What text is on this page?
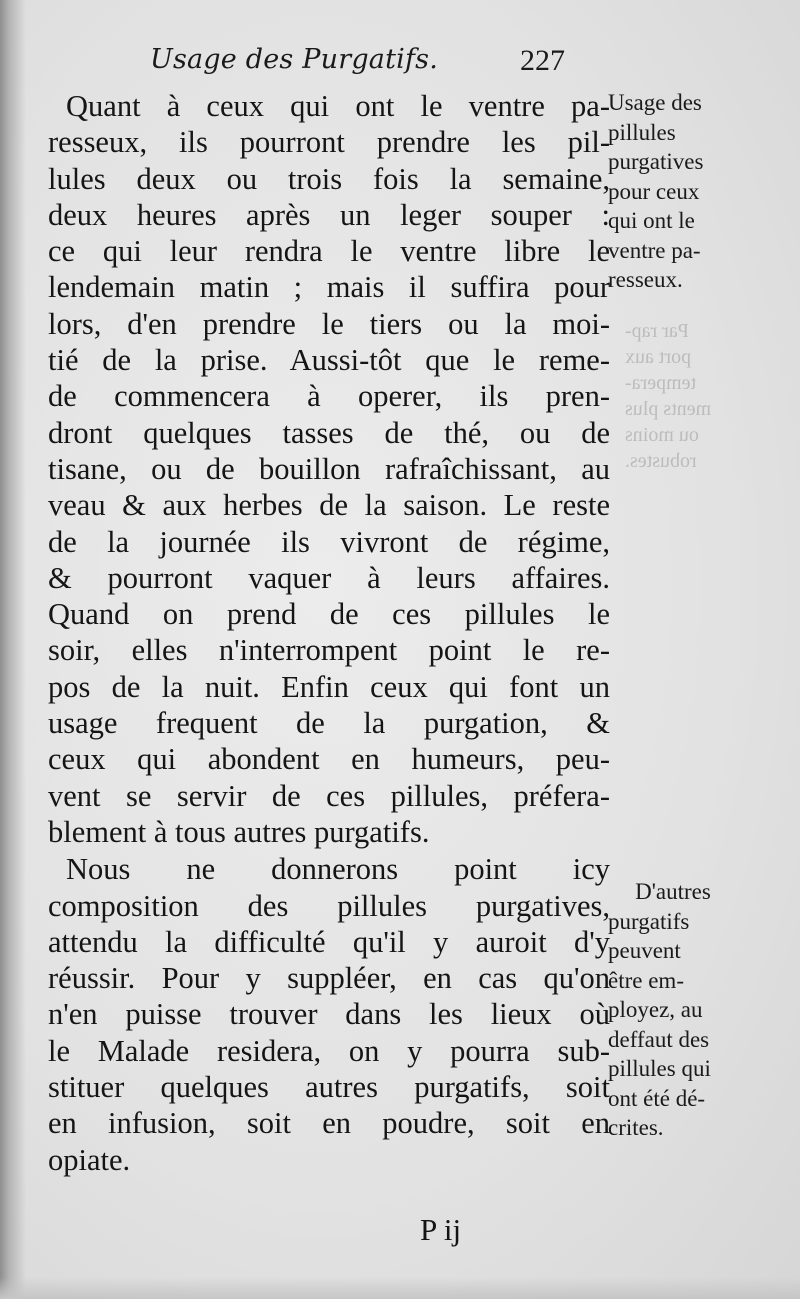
Par rap-
port aux
tempera-
ments plus
ou moins
robustes.
Usage des Purgatifs.	227
Quant à ceux qui ont le ventre pa-
resseux, ils pourront prendre les pil-
lules deux ou trois fois la semaine,
deux heures après un leger souper :
ce qui leur rendra le ventre libre le
lendemain matin ; mais il suffira pour
lors, d'en prendre le tiers ou la moi-
tié de la prise. Aussi-tôt que le reme-
de commencera à operer, ils pren-
dront quelques tasses de thé, ou de
tisane, ou de bouillon rafraîchissant, au
veau & aux herbes de la saison. Le reste
de la journée ils vivront de régime,
& pourront vaquer à leurs affaires.
Quand on prend de ces pillules le
soir, elles n'interrompent point le re-
pos de la nuit. Enfin ceux qui font un
usage frequent de la purgation, &
ceux qui abondent en humeurs, peu-
vent se servir de ces pillules, préfera-
blement à tous autres purgatifs.
Nous ne donnerons point icy
composition des pillules purgatives,
attendu la difficulté qu'il y auroit d'y
réussir. Pour y suppléer, en cas qu'on
n'en puisse trouver dans les lieux où
le Malade residera, on y pourra sub-
stituer quelques autres purgatifs, soit
en infusion, soit en poudre, soit en
opiate.
Usage des
pillules
purgatives
pour ceux
qui ont le
ventre pa-
resseux.
D'autres
purgatifs
peuvent
être em-
ployez, au
deffaut des
pillules qui
ont été dé-
crites.
P ij
